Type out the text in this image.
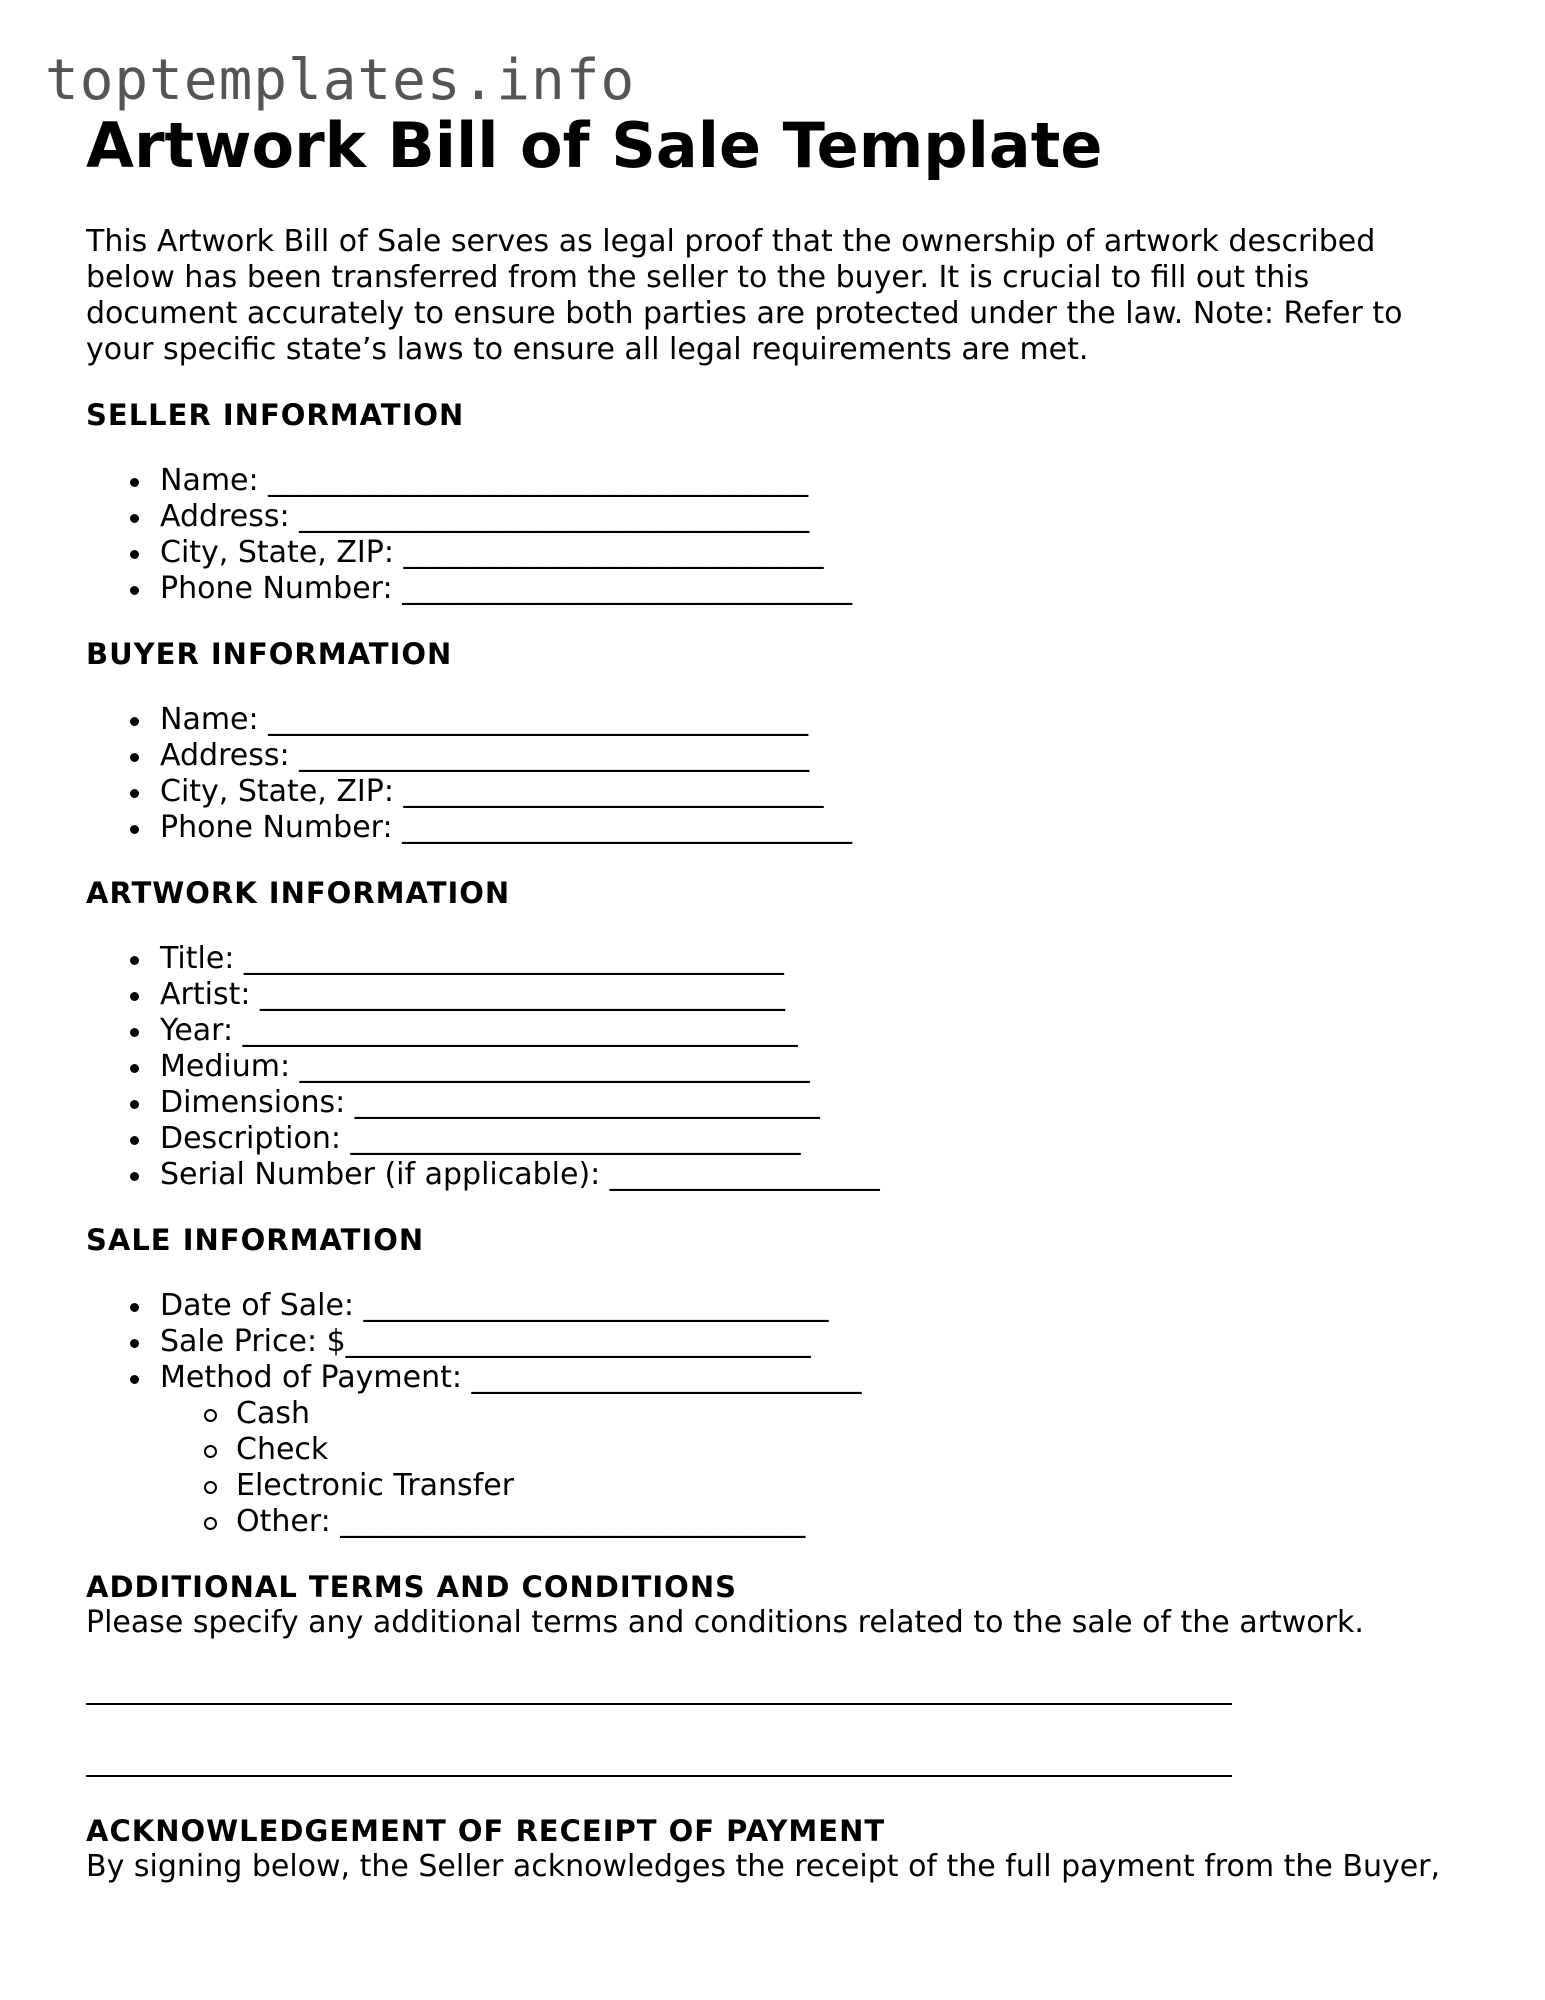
toptemplates.info
Artwork Bill of Sale Template

This Artwork Bill of Sale serves as legal proof that the ownership of artwork described below has been transferred from the seller to the buyer. It is crucial to fill out this document accurately to ensure both parties are protected under the law. Note: Refer to your specific state’s laws to ensure all legal requirements are met.

SELLER INFORMATION
Name: ____________________________________
Address: __________________________________
City, State, ZIP: ____________________________
Phone Number: ______________________________
BUYER INFORMATION
Name: ____________________________________
Address: __________________________________
City, State, ZIP: ____________________________
Phone Number: ______________________________
ARTWORK INFORMATION
Title: ____________________________________
Artist: ___________________________________
Year: _____________________________________
Medium: __________________________________
Dimensions: _______________________________
Description: ______________________________
Serial Number (if applicable): __________________
SALE INFORMATION
Date of Sale: _______________________________
Sale Price: $_______________________________
Method of Payment: __________________________
Cash
Check
Electronic Transfer
Other: _______________________________
ADDITIONAL TERMS AND CONDITIONS

Please specify any additional terms and conditions related to the sale of the artwork.

ACKNOWLEDGEMENT OF RECEIPT OF PAYMENT

By signing below, the Seller acknowledges the receipt of the full payment from the Buyer,
